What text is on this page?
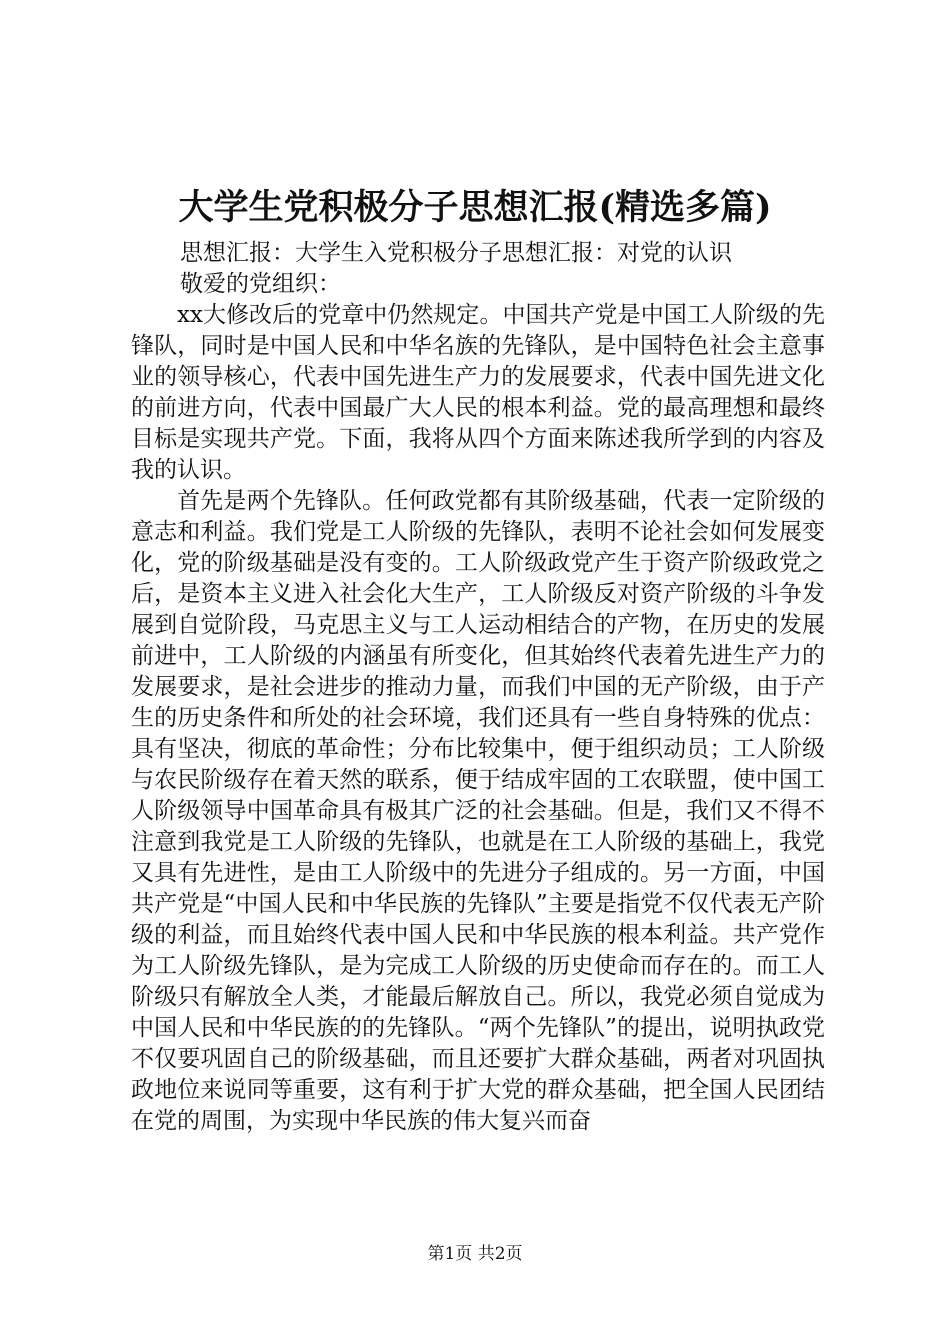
大学生党积极分子思想汇报(精选多篇)
思想汇报：大学生入党积极分子思想汇报：对党的认识
敬爱的党组织：

xx大修改后的党章中仍然规定。中国共产党是中国工人阶级的先锋队，同时是中国人民和中华名族的先锋队，是中国特色社会主意事业的领导核心，代表中国先进生产力的发展要求，代表中国先进文化的前进方向，代表中国最广大人民的根本利益。党的最高理想和最终目标是实现共产党。下面，我将从四个方面来陈述我所学到的内容及我的认识。

首先是两个先锋队。任何政党都有其阶级基础，代表一定阶级的意志和利益。我们党是工人阶级的先锋队，表明不论社会如何发展变化，党的阶级基础是没有变的。工人阶级政党产生于资产阶级政党之后，是资本主义进入社会化大生产，工人阶级反对资产阶级的斗争发展到自觉阶段，马克思主义与工人运动相结合的产物，在历史的发展前进中，工人阶级的内涵虽有所变化，但其始终代表着先进生产力的发展要求，是社会进步的推动力量，而我们中国的无产阶级，由于产生的历史条件和所处的社会环境，我们还具有一些自身特殊的优点：具有坚决，彻底的革命性；分布比较集中，便于组织动员；工人阶级与农民阶级存在着天然的联系，便于结成牢固的工农联盟，使中国工人阶级领导中国革命具有极其广泛的社会基础。但是，我们又不得不注意到我党是工人阶级的先锋队，也就是在工人阶级的基础上，我党又具有先进性，是由工人阶级中的先进分子组成的。另一方面，中国共产党是“中国人民和中华民族的先锋队”主要是指党不仅代表无产阶级的利益，而且始终代表中国人民和中华民族的根本利益。共产党作为工人阶级先锋队，是为完成工人阶级的历史使命而存在的。而工人阶级只有解放全人类，才能最后解放自己。所以，我党必须自觉成为中国人民和中华民族的的先锋队。“两个先锋队”的提出，说明执政党不仅要巩固自己的阶级基础，而且还要扩大群众基础，两者对巩固执政地位来说同等重要，这有利于扩大党的群众基础，把全国人民团结在党的周围，为实现中华民族的伟大复兴而奋

第1页 共2页
